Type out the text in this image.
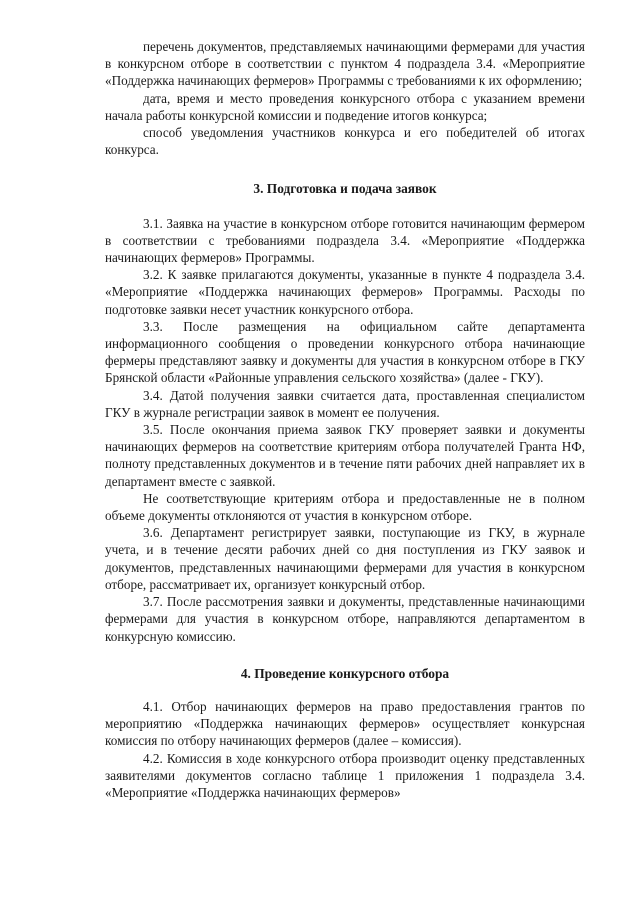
перечень документов, представляемых начинающими фермерами для участия в конкурсном отборе в соответствии с пунктом 4 подраздела 3.4. «Мероприятие «Поддержка начинающих фермеров» Программы с требованиями к их оформлению;

дата, время и место проведения конкурсного отбора с указанием времени начала работы конкурсной комиссии и подведение итогов конкурса;

способ уведомления участников конкурса и его победителей об итогах конкурса.

3. Подготовка и подача заявок

3.1. Заявка на участие в конкурсном отборе готовится начинающим фермером в соответствии с требованиями подраздела 3.4. «Мероприятие «Поддержка начинающих фермеров» Программы.

3.2. К заявке прилагаются документы, указанные в пункте 4 подраздела 3.4. «Мероприятие «Поддержка начинающих фермеров» Программы. Расходы по подготовке заявки несет участник конкурсного отбора.

3.3. После размещения на официальном сайте департамента информационного сообщения о проведении конкурсного отбора начинающие фермеры представляют заявку и документы для участия в конкурсном отборе в ГКУ Брянской области «Районные управления сельского хозяйства» (далее - ГКУ).

3.4. Датой получения заявки считается дата, проставленная специалистом ГКУ в журнале регистрации заявок в момент ее получения.

3.5. После окончания приема заявок ГКУ проверяет заявки и документы начинающих фермеров на соответствие критериям отбора получателей Гранта НФ, полноту представленных документов и в течение пяти рабочих дней направляет их в департамент вместе с заявкой.

Не соответствующие критериям отбора и предоставленные не в полном объеме документы отклоняются от участия в конкурсном отборе.

3.6. Департамент регистрирует заявки, поступающие из ГКУ, в журнале учета, и в течение десяти рабочих дней со дня поступления из ГКУ заявок и документов, представленных начинающими фермерами для участия в конкурсном отборе, рассматривает их, организует конкурсный отбор.

3.7. После рассмотрения заявки и документы, представленные начинающими фермерами для участия в конкурсном отборе, направляются департаментом в конкурсную комиссию.

4. Проведение конкурсного отбора

4.1. Отбор начинающих фермеров на право предоставления грантов по мероприятию «Поддержка начинающих фермеров» осуществляет конкурсная комиссия по отбору начинающих фермеров (далее – комиссия).

4.2. Комиссия в ходе конкурсного отбора производит оценку представленных заявителями документов согласно таблице 1 приложения 1 подраздела 3.4. «Мероприятие «Поддержка начинающих фермеров»
